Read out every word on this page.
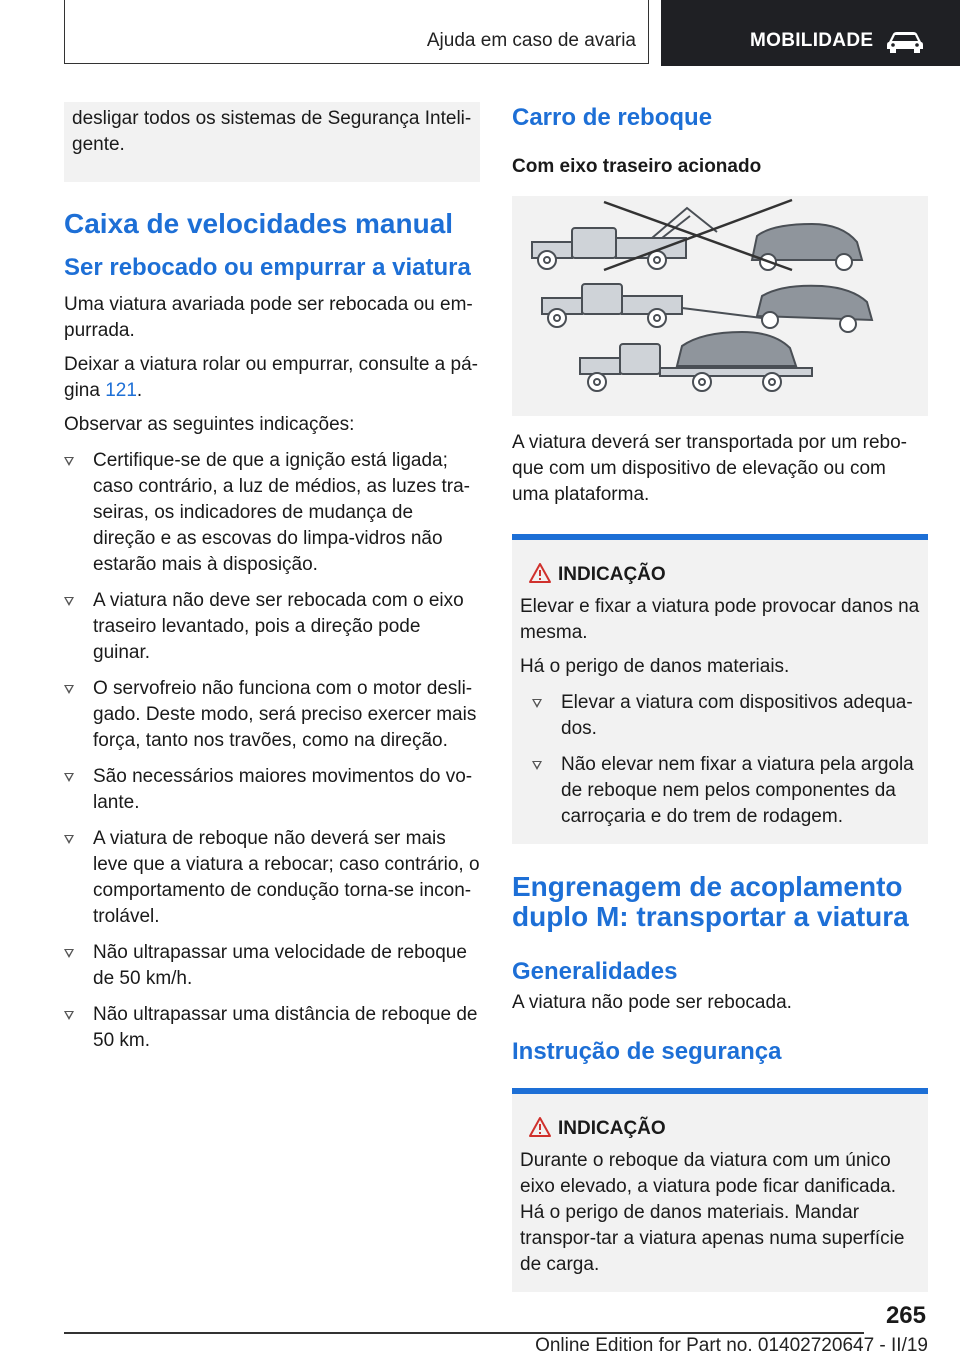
Ajuda em caso de avaria	MOBILIDADE

desligar todos os sistemas de Segurança Inteli-gente.

Caixa de velocidades manual
Ser rebocado ou empurrar a viatura

Uma viatura avariada pode ser rebocada ou em-purrada.

Deixar a viatura rolar ou empurrar, consulte a pá-gina 121.

Observar as seguintes indicações:

Certifique-se de que a ignição está ligada; caso contrário, a luz de médios, as luzes tra-seiras, os indicadores de mudança de direção e as escovas do limpa-vidros não estarão mais à disposição.
A viatura não deve ser rebocada com o eixo traseiro levantado, pois a direção pode guinar.
O servofreio não funciona com o motor desli-gado. Deste modo, será preciso exercer mais força, tanto nos travões, como na direção.
São necessários maiores movimentos do vo-lante.
A viatura de reboque não deverá ser mais leve que a viatura a rebocar; caso contrário, o comportamento de condução torna-se incon-trolável.
Não ultrapassar uma velocidade de reboque de 50 km/h.
Não ultrapassar uma distância de reboque de 50 km.
Carro de reboque
Com eixo traseiro acionado

A viatura deverá ser transportada por um rebo-que com um dispositivo de elevação ou com uma plataforma.

INDICAÇÃO

Elevar e fixar a viatura pode provocar danos na mesma.

Há o perigo de danos materiais.

Elevar a viatura com dispositivos adequa-dos.
Não elevar nem fixar a viatura pela argola de reboque nem pelos componentes da carroçaria e do trem de rodagem.
Engrenagem de acoplamento duplo M: transportar a viatura
Generalidades

A viatura não pode ser rebocada.

Instrução de segurança
INDICAÇÃO

Durante o reboque da viatura com um único eixo elevado, a viatura pode ficar danificada. Há o perigo de danos materiais. Mandar transpor-tar a viatura apenas numa superfície de carga.

265
Online Edition for Part no. 01402720647 - II/19
